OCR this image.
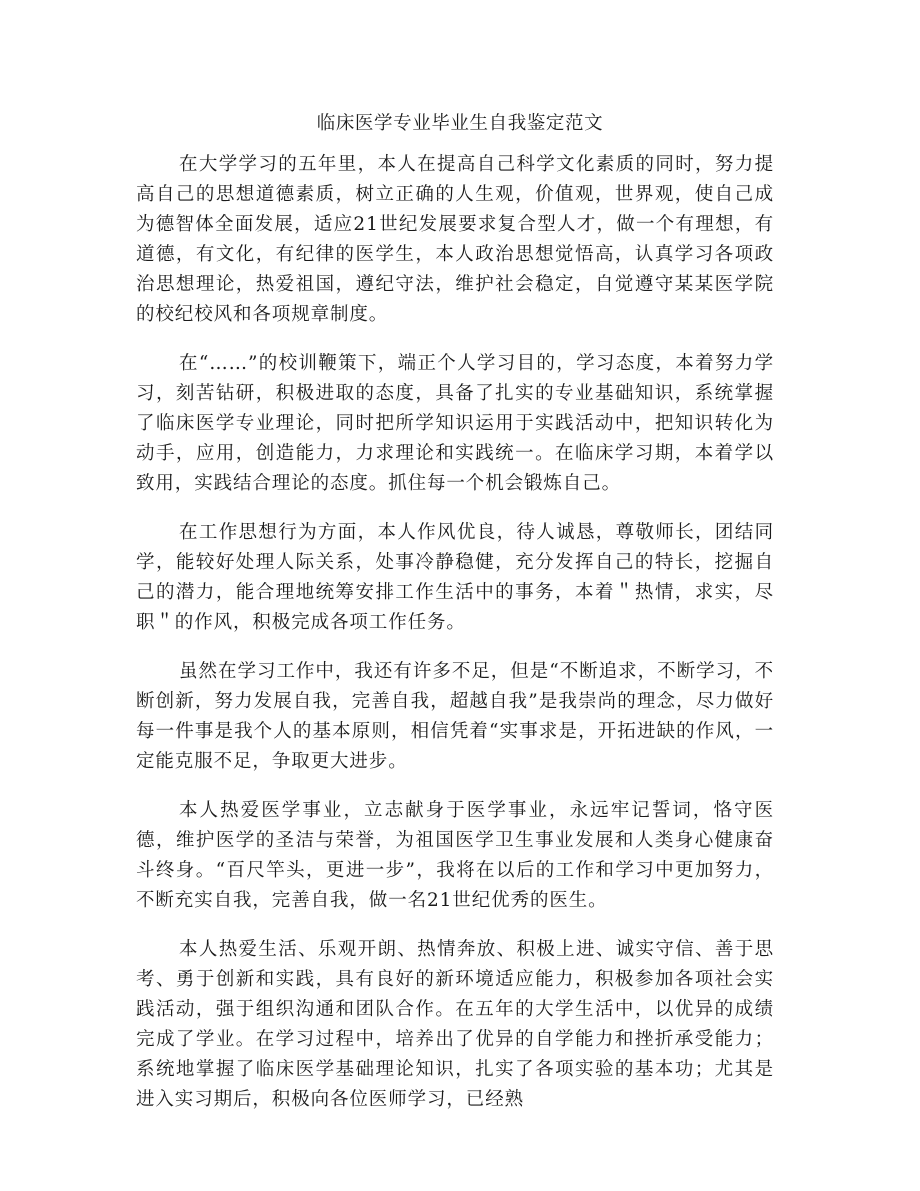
临床医学专业毕业生自我鉴定范文

在大学学习的五年里，本人在提高自己科学文化素质的同时，努力提高自己的思想道德素质，树立正确的人生观，价值观，世界观，使自己成为德智体全面发展，适应21世纪发展要求复合型人才，做一个有理想，有道德，有文化，有纪律的医学生，本人政治思想觉悟高，认真学习各项政治思想理论，热爱祖国，遵纪守法，维护社会稳定，自觉遵守某某医学院的校纪校风和各项规章制度。

在“……”的校训鞭策下，端正个人学习目的，学习态度，本着努力学习，刻苦钻研，积极进取的态度，具备了扎实的专业基础知识，系统掌握了临床医学专业理论，同时把所学知识运用于实践活动中，把知识转化为动手，应用，创造能力，力求理论和实践统一。在临床学习期，本着学以致用，实践结合理论的态度。抓住每一个机会锻炼自己。

在工作思想行为方面，本人作风优良，待人诚恳，尊敬师长，团结同学，能较好处理人际关系，处事冷静稳健，充分发挥自己的特长，挖掘自己的潜力，能合理地统筹安排工作生活中的事务，本着＂热情，求实，尽职＂的作风，积极完成各项工作任务。

虽然在学习工作中，我还有许多不足，但是“不断追求，不断学习，不断创新，努力发展自我，完善自我，超越自我”是我崇尚的理念，尽力做好每一件事是我个人的基本原则，相信凭着“实事求是，开拓进缺的作风，一定能克服不足，争取更大进步。

本人热爱医学事业，立志献身于医学事业，永远牢记誓词，恪守医德，维护医学的圣洁与荣誉，为祖国医学卫生事业发展和人类身心健康奋斗终身。“百尺竿头，更进一步”，我将在以后的工作和学习中更加努力，不断充实自我，完善自我，做一名21世纪优秀的医生。

本人热爱生活、乐观开朗、热情奔放、积极上进、诚实守信、善于思考、勇于创新和实践，具有良好的新环境适应能力，积极参加各项社会实践活动，强于组织沟通和团队合作。在五年的大学生活中，以优异的成绩完成了学业。在学习过程中，培养出了优异的自学能力和挫折承受能力；系统地掌握了临床医学基础理论知识，扎实了各项实验的基本功；尤其是进入实习期后，积极向各位医师学习，已经熟
